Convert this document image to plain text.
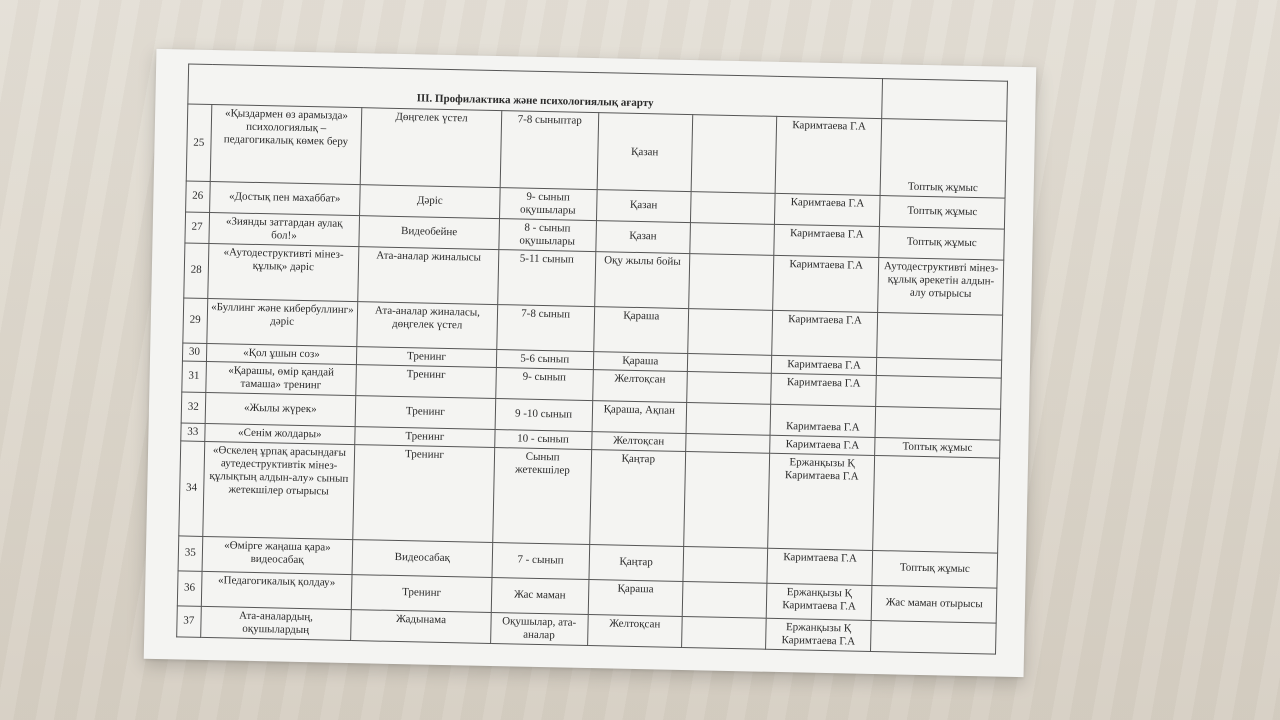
III. Профилактика және психологиялық ағарту							
25	«Қыздармен өз арамызда» психологиялық – педагогикалық көмек беру	Дөңгелек үстел	7-8 сыныптар	Қазан		Каримтаева Г.А	Топтық жұмыс
26	«Достық пен махаббат»	Дәріс	9- сынып оқушылары	Қазан		Каримтаева Г.А	Топтық жұмыс
27	«Зиянды заттардан аулақ бол!»	Видеобейне	8 - сынып оқушылары	Қазан		Каримтаева Г.А	Топтық жұмыс
28	«Аутодеструктивті мінез-құлық» дәріс	Ата-аналар жиналысы	5-11 сынып	Оқу жылы бойы		Каримтаева Г.А	Аутодеструктивті мінез-құлық әрекетін алдын-алу отырысы
29	«Буллинг және кибербуллинг» дәріс	Ата-аналар жиналасы, дөңгелек үстел	7-8 сынып	Қараша		Каримтаева Г.А	
30	«Қол ұшын соз»	Тренинг	5-6 сынып	Қараша		Каримтаева Г.А	
31	«Қарашы, өмір қандай тамаша» тренинг	Тренинг	9- сынып	Желтоқсан		Каримтаева Г.А	
32	«Жылы жүрек»	Тренинг	9 -10 сынып	Қараша, Ақпан		Каримтаева Г.А	
33	«Сенім жолдары»	Тренинг	10 - сынып	Желтоқсан		Каримтаева Г.А	Топтық жұмыс
34	«Өскелең ұрпақ арасындағы аутедеструктивтік мінез-құлықтың алдын-алу» сынып жетекшілер отырысы	Тренинг	Сынып жетекшілер	Қаңтар		Ержанқызы Қ Каримтаева Г.А	
35	«Өмірге жаңаша қара» видеосабақ	Видеосабақ	7 - сынып	Қаңтар		Каримтаева Г.А	Топтық жұмыс
36	«Педагогикалық қолдау»	Тренинг	Жас маман	Қараша		Ержанқызы Қ Каримтаева Г.А	Жас маман отырысы
37	Ата-аналардың, оқушылардың	Жадынама	Оқушылар, ата-аналар	Желтоқсан		Ержанқызы Қ Каримтаева Г.А	
